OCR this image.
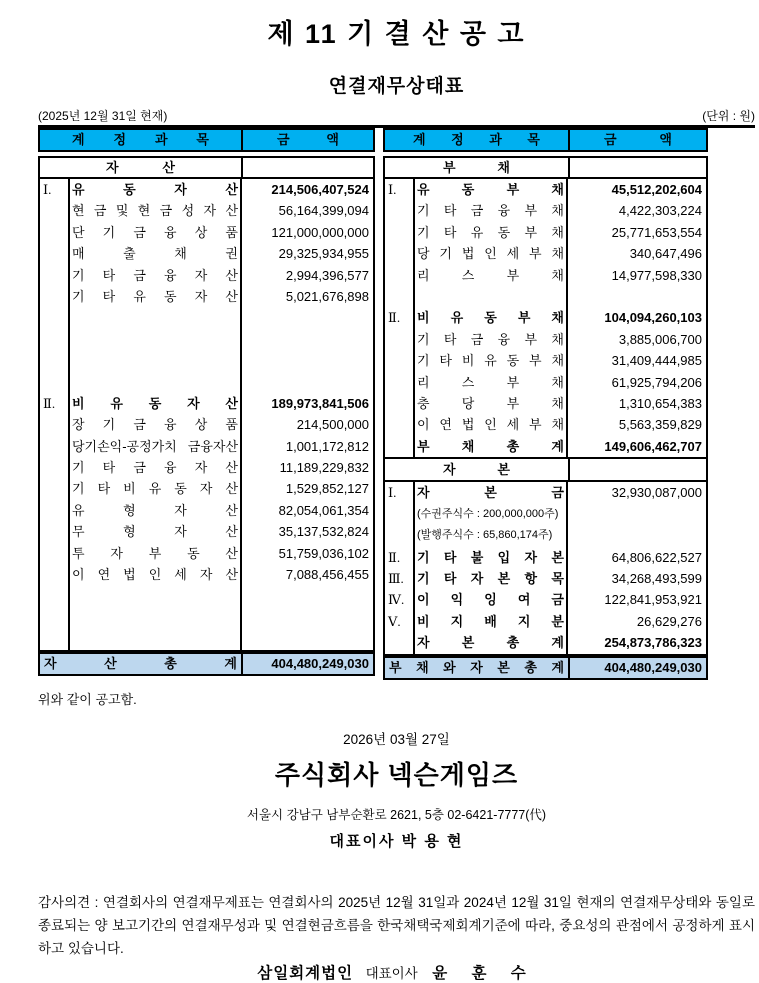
제 11 기 결 산 공 고
연결재무상태표
(2025년 12월 31일 현재)	(단위 : 원)
계 정 과 목	금 액
자 산
Ⅰ.	유 동 자 산	214,506,407,524
현 금 및 현 금 성 자 산	56,164,399,094
단 기 금 융 상 품	121,000,000,000
매 출 채 권	29,325,934,955
기 타 금 융 자 산	2,994,396,577
기 타 유 동 자 산	5,021,676,898
Ⅱ.	비 유 동 자 산	189,973,841,506
장 기 금 융 상 품	214,500,000
당기손익-공정가치 금융자산	1,001,172,812
기 타 금 융 자 산	11,189,229,832
기 타 비 유 동 자 산	1,529,852,127
유 형 자 산	82,054,061,354
무 형 자 산	35,137,532,824
투 자 부 동 산	51,759,036,102
이 연 법 인 세 자 산	7,088,456,455
자 산 총 계	404,480,249,030
계 정 과 목	금 액
부 채
Ⅰ.	유 동 부 채	45,512,202,604
기 타 금 융 부 채	4,422,303,224
기 타 유 동 부 채	25,771,653,554
당 기 법 인 세 부 채	340,647,496
리 스 부 채	14,977,598,330
Ⅱ.	비 유 동 부 채	104,094,260,103
기 타 금 융 부 채	3,885,006,700
기 타 비 유 동 부 채	31,409,444,985
리 스 부 채	61,925,794,206
충 당 부 채	1,310,654,383
이 연 법 인 세 부 채	5,563,359,829
부 채 총 계	149,606,462,707
자 본
Ⅰ.	자 본 금	32,930,087,000
(수권주식수 : 200,000,000주)
(발행주식수 : 65,860,174주)
Ⅱ.	기 타 불 입 자 본	64,806,622,527
Ⅲ.	기 타 자 본 항 목	34,268,493,599
Ⅳ. 이 익 잉 여 금	122,841,953,921
Ⅴ.	비 지 배 지 분	26,629,276
자 본 총 계	254,873,786,323
부 채 와 자 본 총 계	404,480,249,030
위와 같이 공고함.
2026년 03월 27일
주식회사 넥슨게임즈
서울시 강남구 남부순환로 2621, 5층 02-6421-7777(代)
대표이사 박 용 현
감사의견 : 연결회사의 연결재무제표는 연결회사의 2025년 12월 31일과 2024년 12월 31일 현재의 연결재무상태와 동일로 종료되는 양 보고기간의 연결재무성과 및 연결현금흐름을 한국채택국제회계기준에 따라, 중요성의 관점에서 공정하게 표시하고 있습니다.
삼일회계법인 대표이사 윤 훈 수
